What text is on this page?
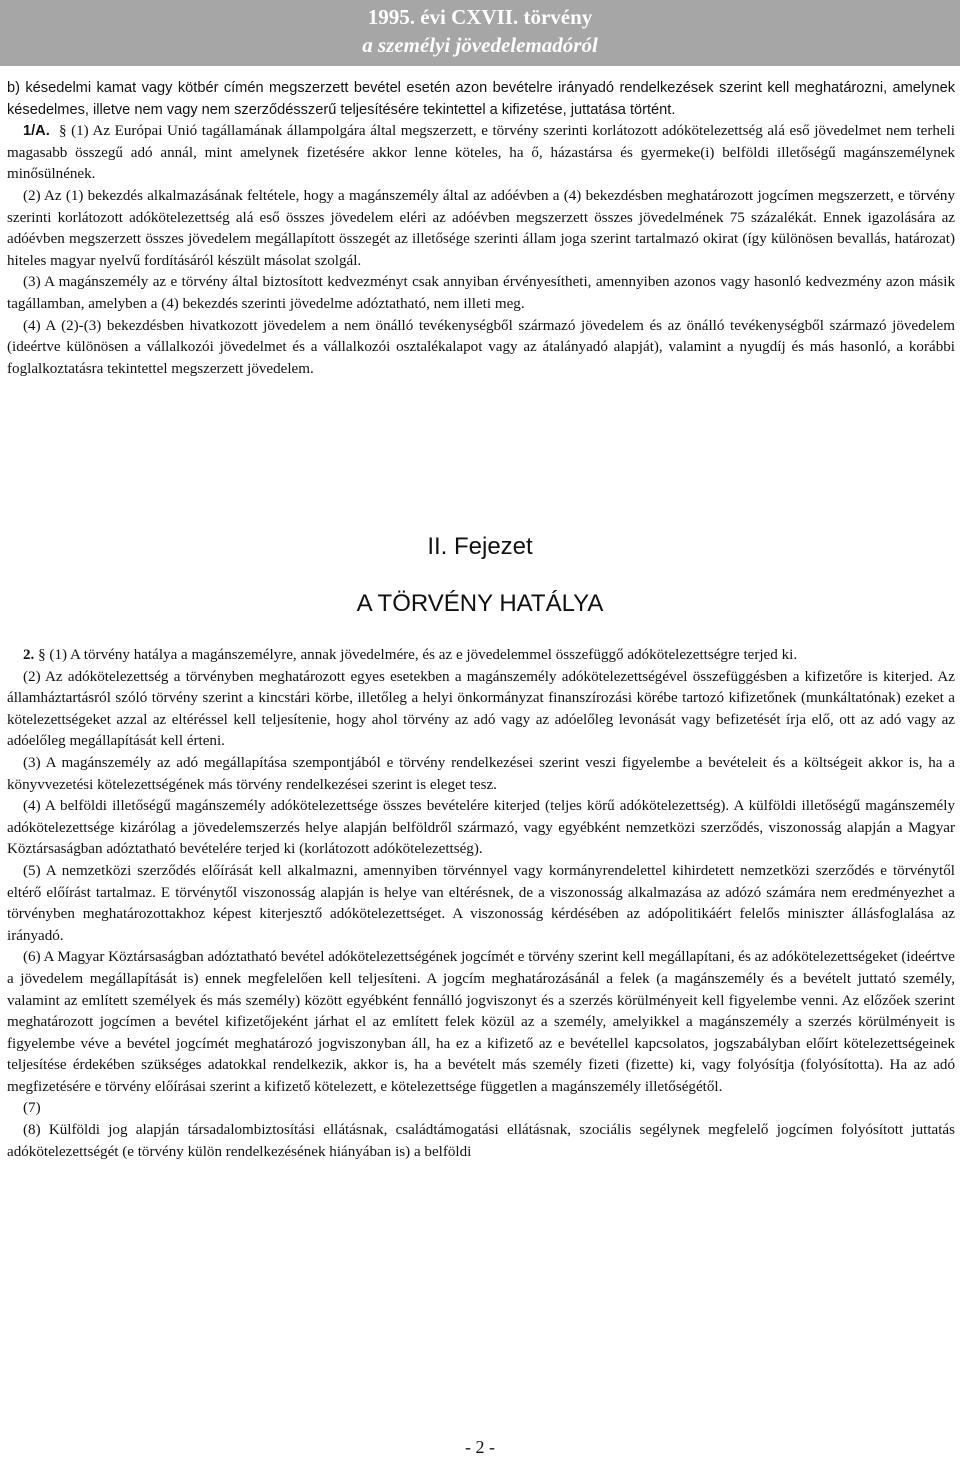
1995. évi CXVII. törvény
a személyi jövedelemadóról

b) késedelmi kamat vagy kötbér címén megszerzett bevétel esetén azon bevételre irányadó rendelkezések szerint kell meghatározni, amelynek késedelmes, illetve nem vagy nem szerződésszerű teljesítésére tekintettel a kifizetése, juttatása történt.

1/A. § (1) Az Európai Unió tagállamának állampolgára által megszerzett, e törvény szerinti korlátozott adókötelezettség alá eső jövedelmet nem terheli magasabb összegű adó annál, mint amelynek fizetésére akkor lenne köteles, ha ő, házastársa és gyermeke(i) belföldi illetőségű magánszemélynek minősülnének.

(2) Az (1) bekezdés alkalmazásának feltétele, hogy a magánszemély által az adóévben a (4) bekezdésben meghatározott jogcímen megszerzett, e törvény szerinti korlátozott adókötelezettség alá eső összes jövedelem eléri az adóévben megszerzett összes jövedelmének 75 százalékát. Ennek igazolására az adóévben megszerzett összes jövedelem megállapított összegét az illetősége szerinti állam joga szerint tartalmazó okirat (így különösen bevallás, határozat) hiteles magyar nyelvű fordításáról készült másolat szolgál.

(3) A magánszemély az e törvény által biztosított kedvezményt csak annyiban érvényesítheti, amennyiben azonos vagy hasonló kedvezmény azon másik tagállamban, amelyben a (4) bekezdés szerinti jövedelme adóztatható, nem illeti meg.

(4) A (2)-(3) bekezdésben hivatkozott jövedelem a nem önálló tevékenységből származó jövedelem és az önálló tevékenységből származó jövedelem (ideértve különösen a vállalkozói jövedelmet és a vállalkozói osztalékalapot vagy az átalányadó alapját), valamint a nyugdíj és más hasonló, a korábbi foglalkoztatásra tekintettel megszerzett jövedelem.

II. Fejezet
A TÖRVÉNY HATÁLYA

2. § (1) A törvény hatálya a magánszemélyre, annak jövedelmére, és az e jövedelemmel összefüggő adókötelezettségre terjed ki.

(2) Az adókötelezettség a törvényben meghatározott egyes esetekben a magánszemély adókötelezettségével összefüggésben a kifizetőre is kiterjed. Az államháztartásról szóló törvény szerint a kincstári körbe, illetőleg a helyi önkormányzat finanszírozási körébe tartozó kifizetőnek (munkáltatónak) ezeket a kötelezettségeket azzal az eltéréssel kell teljesítenie, hogy ahol törvény az adó vagy az adóelőleg levonását vagy befizetését írja elő, ott az adó vagy az adóelőleg megállapítását kell érteni.

(3) A magánszemély az adó megállapítása szempontjából e törvény rendelkezései szerint veszi figyelembe a bevételeit és a költségeit akkor is, ha a könyvvezetési kötelezettségének más törvény rendelkezései szerint is eleget tesz.

(4) A belföldi illetőségű magánszemély adókötelezettsége összes bevételére kiterjed (teljes körű adókötelezettség). A külföldi illetőségű magánszemély adókötelezettsége kizárólag a jövedelemszerzés helye alapján belföldről származó, vagy egyébként nemzetközi szerződés, viszonosság alapján a Magyar Köztársaságban adóztatható bevételére terjed ki (korlátozott adókötelezettség).

(5) A nemzetközi szerződés előírását kell alkalmazni, amennyiben törvénnyel vagy kormányrendelettel kihirdetett nemzetközi szerződés e törvénytől eltérő előírást tartalmaz. E törvénytől viszonosság alapján is helye van eltérésnek, de a viszonosság alkalmazása az adózó számára nem eredményezhet a törvényben meghatározottakhoz képest kiterjesztő adókötelezettséget. A viszonosság kérdésében az adópolitikáért felelős miniszter állásfoglalása az irányadó.

(6) A Magyar Köztársaságban adóztatható bevétel adókötelezettségének jogcímét e törvény szerint kell megállapítani, és az adókötelezettségeket (ideértve a jövedelem megállapítását is) ennek megfelelően kell teljesíteni. A jogcím meghatározásánál a felek (a magánszemély és a bevételt juttató személy, valamint az említett személyek és más személy) között egyébként fennálló jogviszonyt és a szerzés körülményeit kell figyelembe venni. Az előzőek szerint meghatározott jogcímen a bevétel kifizetőjeként járhat el az említett felek közül az a személy, amelyikkel a magánszemély a szerzés körülményeit is figyelembe véve a bevétel jogcímét meghatározó jogviszonyban áll, ha ez a kifizető az e bevétellel kapcsolatos, jogszabályban előírt kötelezettségeinek teljesítése érdekében szükséges adatokkal rendelkezik, akkor is, ha a bevételt más személy fizeti (fizette) ki, vagy folyósítja (folyósította). Ha az adó megfizetésére e törvény előírásai szerint a kifizető kötelezett, e kötelezettsége független a magánszemély illetőségétől.

(7)

(8) Külföldi jog alapján társadalombiztosítási ellátásnak, családtámogatási ellátásnak, szociális segélynek megfelelő jogcímen folyósított juttatás adókötelezettségét (e törvény külön rendelkezésének hiányában is) a belföldi

- 2 -
